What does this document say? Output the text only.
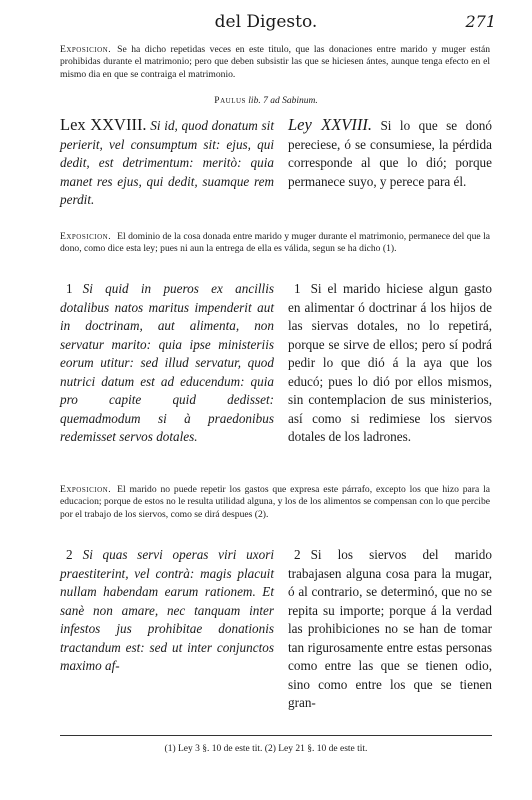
del Digesto.	271
Exposicion. Se ha dicho repetidas veces en este titulo, que las donaciones entre marido y muger están prohibidas durante el matrimonio; pero que deben subsistir las que se hiciesen ántes, aunque tenga efecto en el mismo dia en que se contraiga el matrimonio.
Paulus lib. 7 ad Sabinum.
Lex XXVIII. Si id, quod donatum sit perierit, vel consumptum sit: ejus, qui dedit, est detrimentum: meritò: quia manet res ejus, qui dedit, suamque rem perdit.
Ley XXVIII. Si lo que se donó pereciese, ó se consumiese, la pérdida corresponde al que lo dió; porque permanece suyo, y perece para él.
Exposicion. El dominio de la cosa donada entre marido y muger durante el matrimonio, permanece del que la dono, como dice esta ley; pues ni aun la entrega de ella es válida, segun se ha dicho (1).
1 Si quid in pueros ex ancillis dotalibus natos maritus impenderit aut in doctrinam, aut alimenta, non servatur marito: quia ipse ministeriis eorum utitur: sed illud servatur, quod nutrici datum est ad educendum: quia pro capite quid dedisset: quemadmodum si à praedonibus redemisset servos dotales.
1 Si el marido hiciese algun gasto en alimentar ó doctrinar á los hijos de las siervas dotales, no lo repetirá, porque se sirve de ellos; pero sí podrá pedir lo que dió á la aya que los educó; pues lo dió por ellos mismos, sin contemplacion de sus ministerios, así como si redimiese los siervos dotales de los ladrones.
Exposicion. El marido no puede repetir los gastos que expresa este párrafo, excepto los que hizo para la educacion; porque de estos no le resulta utilidad alguna, y los de los alimentos se compensan con lo que percibe por el trabajo de los siervos, como se dirá despues (2).
2 Si quas servi operas viri uxori praestiterint, vel contrà: magis placuit nullam habendam earum rationem. Et sanè non amare, nec tanquam inter infestos jus prohibitae donationis tractandum est: sed ut inter conjunctos maximo af-
2 Si los siervos del marido trabajasen alguna cosa para la mugar, ó al contrario, se determinó, que no se repita su importe; porque á la verdad las prohibiciones no se han de tomar tan rigurosamente entre estas personas como entre las que se tienen odio, sino como entre los que se tienen gran-
(1) Ley 3 §. 10 de este tit. (2) Ley 21 §. 10 de este tit.
